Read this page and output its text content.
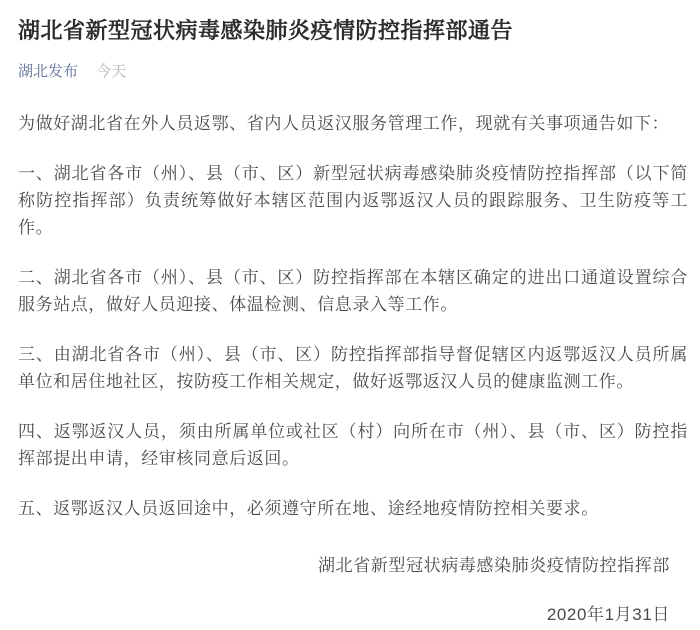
湖北省新型冠状病毒感染肺炎疫情防控指挥部通告
湖北发布 今天

为做好湖北省在外人员返鄂、省内人员返汉服务管理工作，现就有关事项通告如下：

一、湖北省各市（州）、县（市、区）新型冠状病毒感染肺炎疫情防控指挥部（以下简称防控指挥部）负责统筹做好本辖区范围内返鄂返汉人员的跟踪服务、卫生防疫等工作。

二、湖北省各市（州）、县（市、区）防控指挥部在本辖区确定的进出口通道设置综合服务站点，做好人员迎接、体温检测、信息录入等工作。

三、由湖北省各市（州）、县（市、区）防控指挥部指导督促辖区内返鄂返汉人员所属单位和居住地社区，按防疫工作相关规定，做好返鄂返汉人员的健康监测工作。

四、返鄂返汉人员，须由所属单位或社区（村）向所在市（州）、县（市、区）防控指挥部提出申请，经审核同意后返回。

五、返鄂返汉人员返回途中，必须遵守所在地、途经地疫情防控相关要求。

湖北省新型冠状病毒感染肺炎疫情防控指挥部
2020年1月31日
